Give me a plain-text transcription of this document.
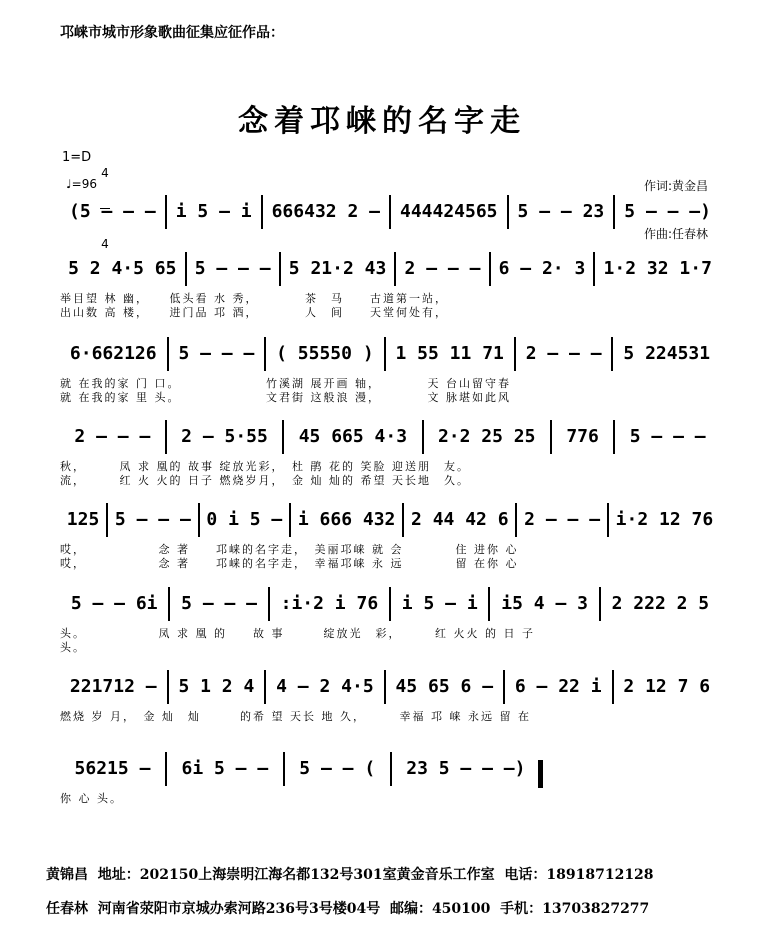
邛崃市城市形象歌曲征集应征作品：
念着邛崃的名字走
1=D

4

4

♩=96

	作词:黄金昌

作曲:任春林

(5 — — —	i 5 — i	666432 2 —	444424565	5 — — 23	5 — — —)
5 2 4·5 65	5 — — —	5 21·2 43	2 — — —	6 — 2· 3	1·2 32 1·7
举目望 林 幽，　　低头看 水 秀，　　　　茶　马　　古道第一站，
出山数 高 楼，　　进门品 邛 酒，　　　　人　间　　天堂何处有，
6·662126	5 — — —	( 55550 )	1 55 11 71	2 — — —	5 224531
就 在我的家 门 口。　　　　　　　竹溪湖 展开画 轴，　　　　天 台山留守春
就 在我的家 里 头。　　　　　　　文君街 这般浪 漫，　　　　文 脉堪如此风
2 — — —	2 — 5·55	45 665 4·3	2·2 25 25	776	5 — — —
秋，　　　凤 求 凰的 故事 绽放光彩，　杜 鹃 花的 笑脸 迎送朋　友。
流，　　　红 火 火的 日子 燃烧岁月，　金 灿 灿的 希望 天长地　久。
125 5 — — — 0 i 5 — i 666 432 2 44 42 6 2 — — — i·2 12 76
哎，　　　　　　念 著　　邛崃的名字走，　美丽邛崃 就 会　　　　住 进你 心
哎，　　　　　　念 著　　邛崃的名字走，　幸福邛崃 永 远　　　　留 在你 心
5 — — 6i	5 — — —	:i·2 i 76	i 5 — i	i5 4 — 3	2 222 2 5
头。　　　　　　凤 求 凰 的　　故 事　　　绽放光　彩，　　　红 火火 的 日 子
头。
221712 —	5 1 2 4	4 — 2 4·5	45 65 6 —	6 — 22 i	2 12 7 6
燃烧 岁 月，　金 灿　灿　　　的希 望 天长 地 久，　　　幸福 邛 崃 永远 留 在
56215 —	6i 5 — —	5 — — (	23 5 — — —)
你 心 头。
黄锦昌  地址：202150上海崇明江海名都132号301室黄金音乐工作室  电话：18918712128
任春林  河南省荥阳市京城办索河路236号3号楼04号  邮编：450100  手机：13703827277
